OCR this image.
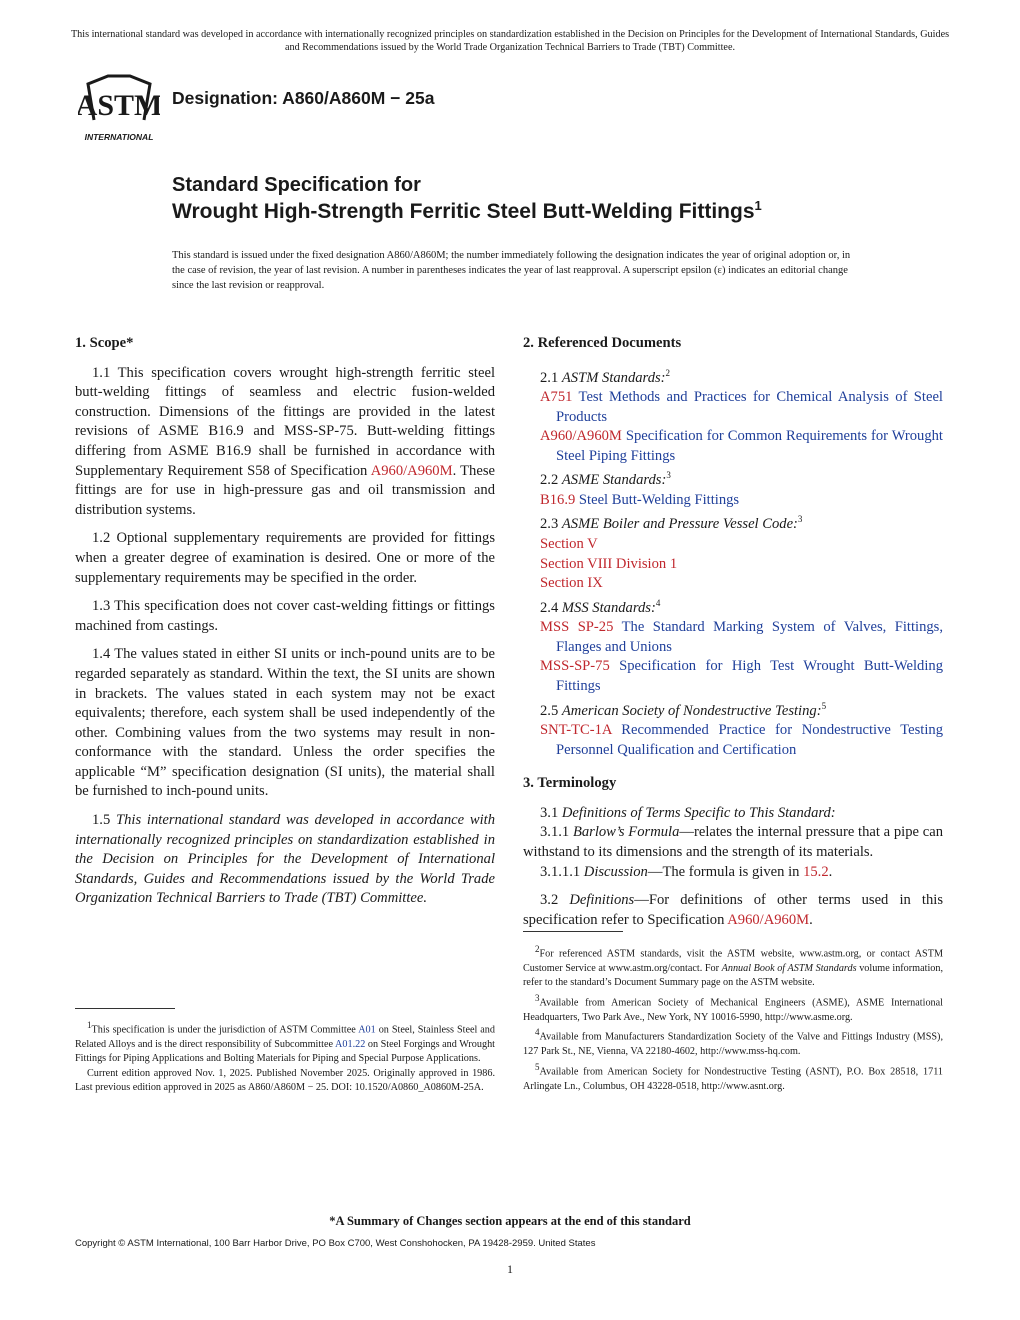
This international standard was developed in accordance with internationally recognized principles on standardization established in the Decision on Principles for the Development of International Standards, Guides and Recommendations issued by the World Trade Organization Technical Barriers to Trade (TBT) Committee.
ASTM
INTERNATIONAL
Designation: A860/A860M − 25a
Standard Specification for
Wrought High-Strength Ferritic Steel Butt-Welding Fittings$^1$
This standard is issued under the fixed designation A860/A860M; the number immediately following the designation indicates the year of original adoption or, in the case of revision, the year of last revision. A number in parentheses indicates the year of last reapproval. A superscript epsilon (ε) indicates an editorial change since the last revision or reapproval.
1. Scope*

1.1 This specification covers wrought high-strength ferritic steel butt-welding fittings of seamless and electric fusion-welded construction. Dimensions of the fittings are provided in the latest revisions of ASME B16.9 and MSS-SP-75. Butt-welding fittings differing from ASME B16.9 shall be furnished in accordance with Supplementary Requirement S58 of Specification A960/A960M. These fittings are for use in high-pressure gas and oil transmission and distribution systems.

1.2 Optional supplementary requirements are provided for fittings when a greater degree of examination is desired. One or more of the supplementary requirements may be specified in the order.

1.3 This specification does not cover cast-welding fittings or fittings machined from castings.

1.4 The values stated in either SI units or inch-pound units are to be regarded separately as standard. Within the text, the SI units are shown in brackets. The values stated in each system may not be exact equivalents; therefore, each system shall be used independently of the other. Combining values from the two systems may result in non-conformance with the standard. Unless the order specifies the applicable “M” specification designation (SI units), the material shall be furnished to inch-pound units.

1.5 This international standard was developed in accordance with internationally recognized principles on standardization established in the Decision on Principles for the Development of International Standards, Guides and Recommendations issued by the World Trade Organization Technical Barriers to Trade (TBT) Committee.

$^1$This specification is under the jurisdiction of ASTM Committee A01 on Steel, Stainless Steel and Related Alloys and is the direct responsibility of Subcommittee A01.22 on Steel Forgings and Wrought Fittings for Piping Applications and Bolting Materials for Piping and Special Purpose Applications.

Current edition approved Nov. 1, 2025. Published November 2025. Originally approved in 1986. Last previous edition approved in 2025 as A860/A860M − 25. DOI: 10.1520/A0860_A0860M-25A.

2. Referenced Documents

2.1 ASTM Standards:$^2$

A751 Test Methods and Practices for Chemical Analysis of Steel Products

A960/A960M Specification for Common Requirements for Wrought Steel Piping Fittings

2.2 ASME Standards:$^3$

B16.9 Steel Butt-Welding Fittings

2.3 ASME Boiler and Pressure Vessel Code:$^3$

Section V

Section VIII Division 1

Section IX

2.4 MSS Standards:$^4$

MSS SP-25 The Standard Marking System of Valves, Fittings, Flanges and Unions

MSS-SP-75 Specification for High Test Wrought Butt-Welding Fittings

2.5 American Society of Nondestructive Testing:$^5$

SNT-TC-1A Recommended Practice for Nondestructive Testing Personnel Qualification and Certification

3. Terminology

3.1 Definitions of Terms Specific to This Standard:

3.1.1 Barlow’s Formula—relates the internal pressure that a pipe can withstand to its dimensions and the strength of its materials.

3.1.1.1 Discussion—The formula is given in 15.2.

3.2 Definitions—For definitions of other terms used in this specification refer to Specification A960/A960M.

$^2$For referenced ASTM standards, visit the ASTM website, www.astm.org, or contact ASTM Customer Service at www.astm.org/contact. For Annual Book of ASTM Standards volume information, refer to the standard’s Document Summary page on the ASTM website.

$^3$Available from American Society of Mechanical Engineers (ASME), ASME International Headquarters, Two Park Ave., New York, NY 10016-5990, http://www.asme.org.

$^4$Available from Manufacturers Standardization Society of the Valve and Fittings Industry (MSS), 127 Park St., NE, Vienna, VA 22180-4602, http://www.mss-hq.com.

$^5$Available from American Society for Nondestructive Testing (ASNT), P.O. Box 28518, 1711 Arlingate Ln., Columbus, OH 43228-0518, http://www.asnt.org.

*A Summary of Changes section appears at the end of this standard
Copyright © ASTM International, 100 Barr Harbor Drive, PO Box C700, West Conshohocken, PA 19428-2959. United States
1
